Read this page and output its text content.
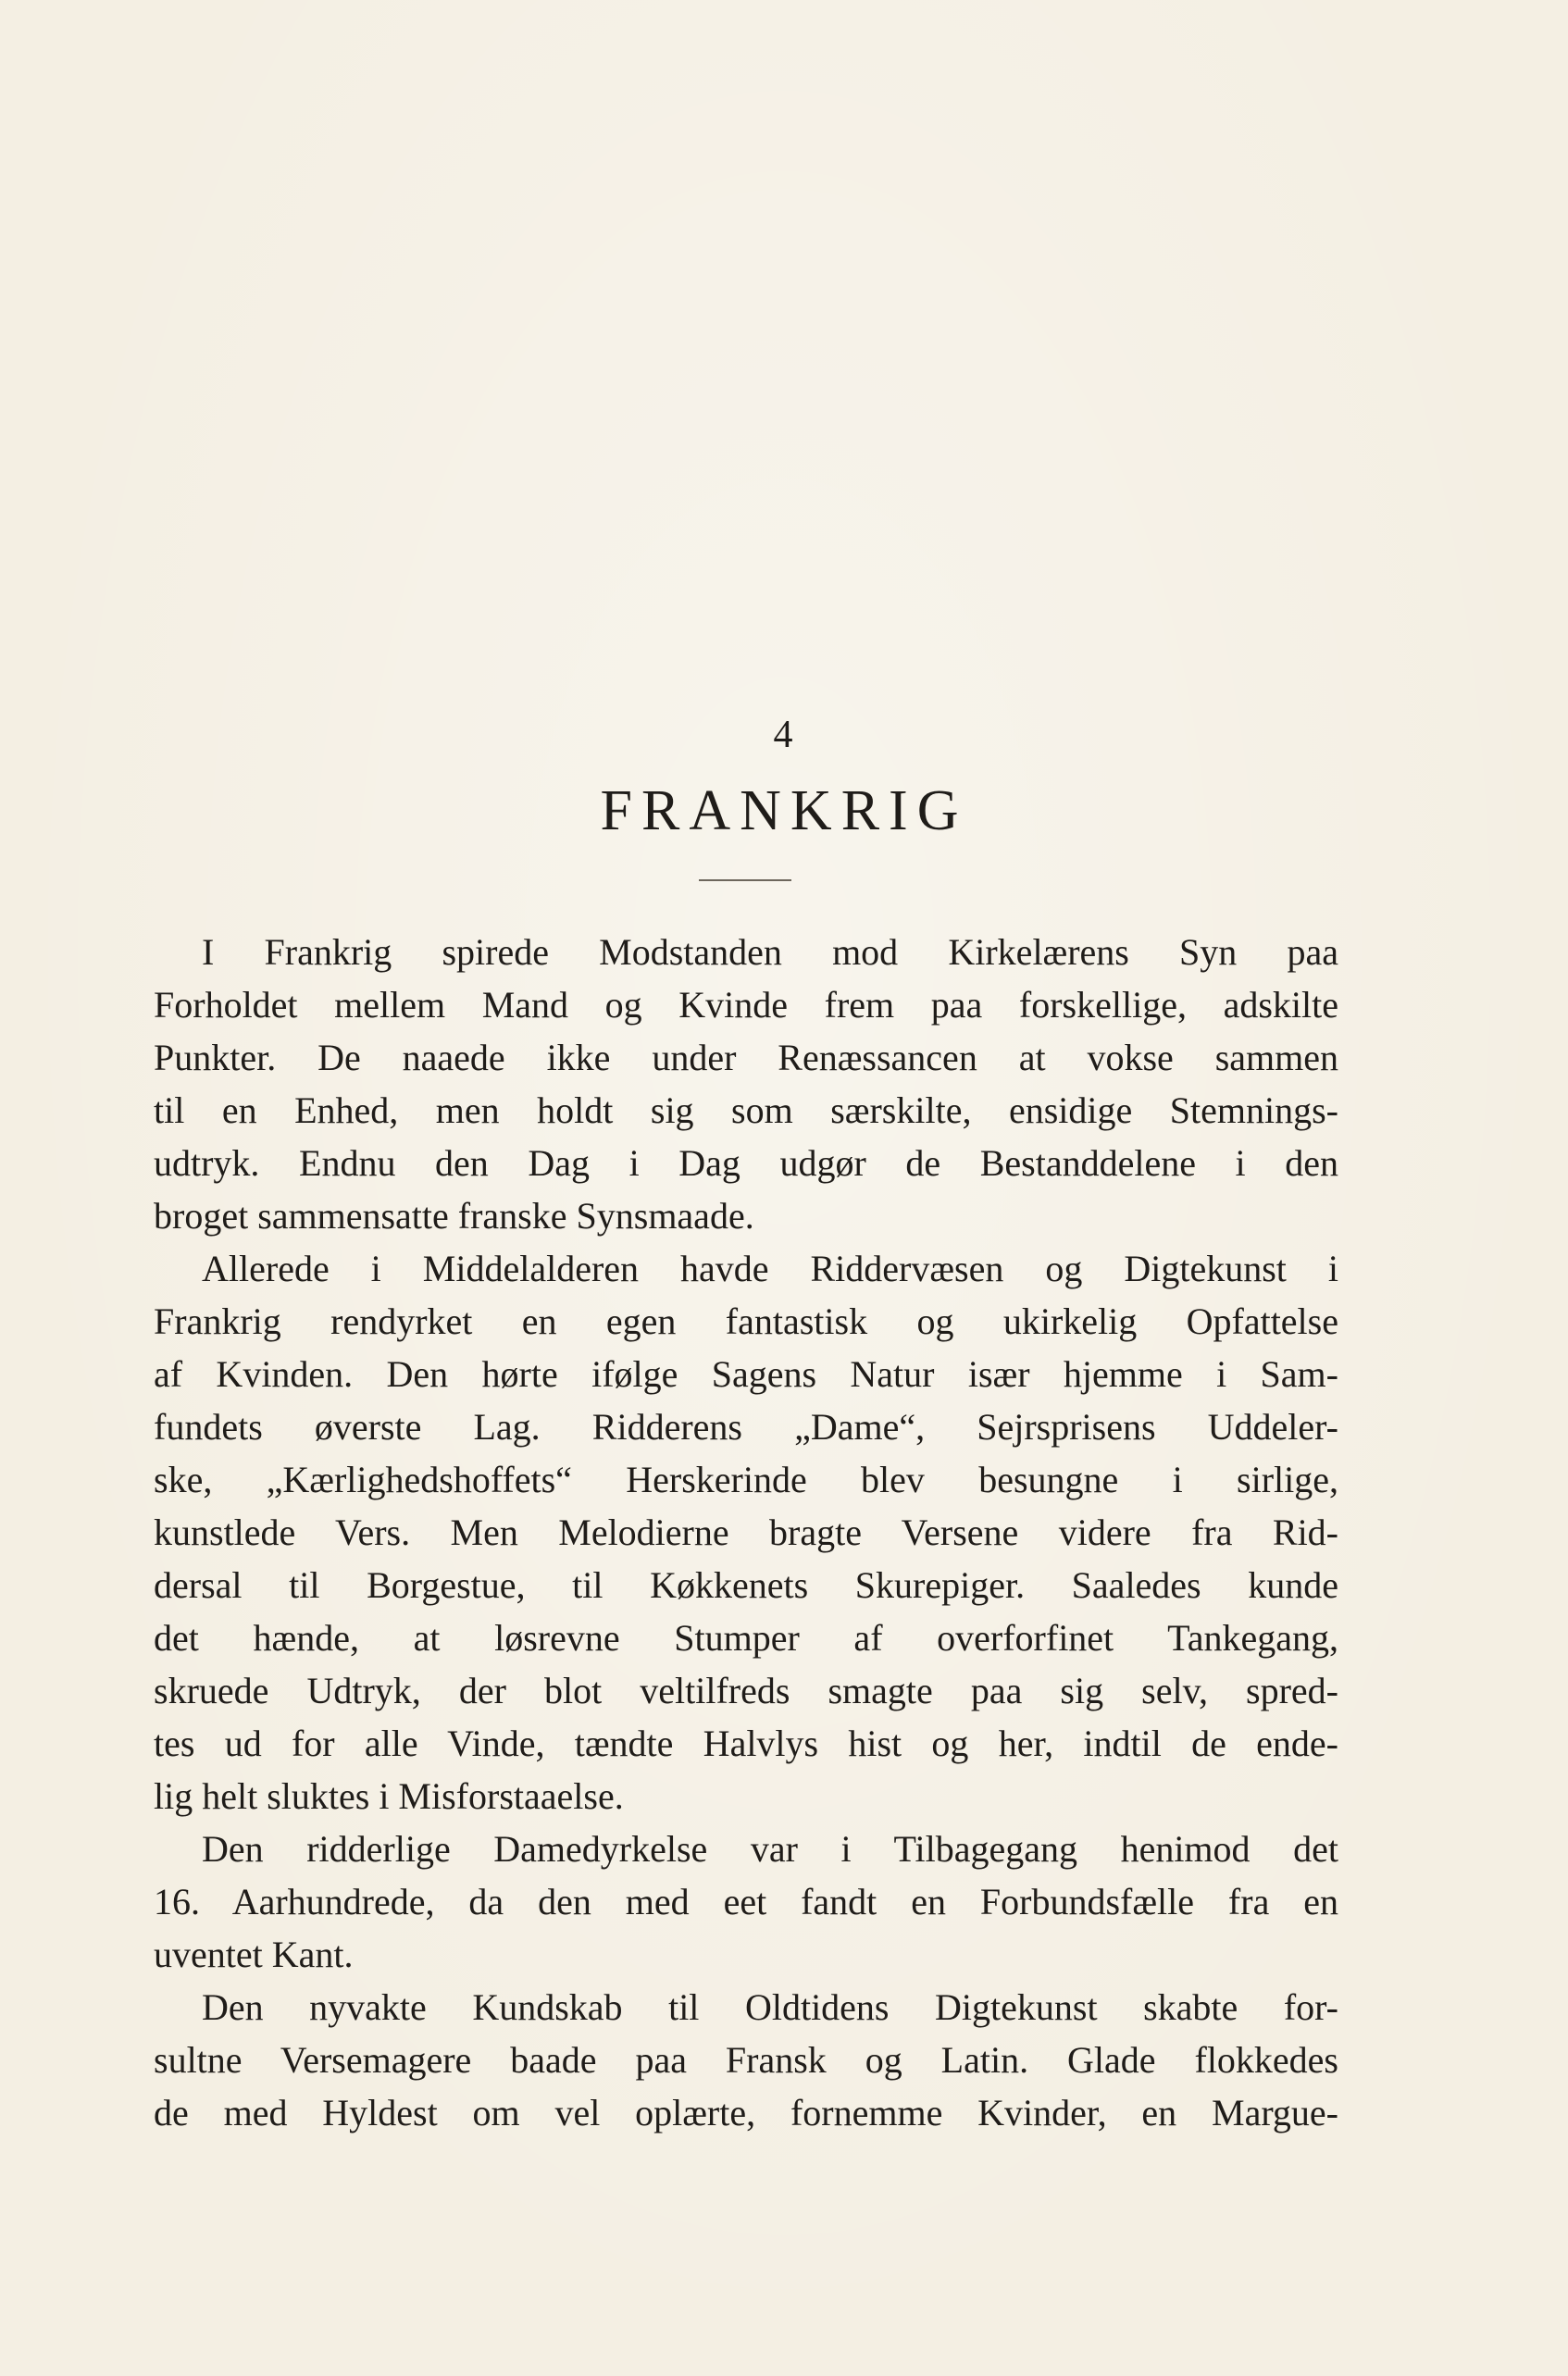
4
FRANKRIG

I Frankrig spirede Modstanden mod Kirkelærens Syn paa
Forholdet mellem Mand og Kvinde frem paa forskellige, adskilte
Punkter. De naaede ikke under Renæssancen at vokse sammen
til en Enhed, men holdt sig som særskilte, ensidige Stemnings-
udtryk. Endnu den Dag i Dag udgør de Bestanddelene i den
broget sammensatte franske Synsmaade.

Allerede i Middelalderen havde Riddervæsen og Digtekunst i
Frankrig rendyrket en egen fantastisk og ukirkelig Opfattelse
af Kvinden. Den hørte ifølge Sagens Natur især hjemme i Sam-
fundets øverste Lag. Ridderens „Dame“, Sejrsprisens Uddeler-
ske, „Kærlighedshoffets“ Herskerinde blev besungne i sirlige,
kunstlede Vers. Men Melodierne bragte Versene videre fra Rid-
dersal til Borgestue, til Køkkenets Skurepiger. Saaledes kunde
det hænde, at løsrevne Stumper af overforfinet Tankegang,
skruede Udtryk, der blot veltilfreds smagte paa sig selv, spred-
tes ud for alle Vinde, tændte Halvlys hist og her, indtil de ende-
lig helt sluktes i Misforstaaelse.

Den ridderlige Damedyrkelse var i Tilbagegang henimod det
16. Aarhundrede, da den med eet fandt en Forbundsfælle fra en
uventet Kant.

Den nyvakte Kundskab til Oldtidens Digtekunst skabte for-
sultne Versemagere baade paa Fransk og Latin. Glade flokkedes
de med Hyldest om vel oplærte, fornemme Kvinder, en Margue-
